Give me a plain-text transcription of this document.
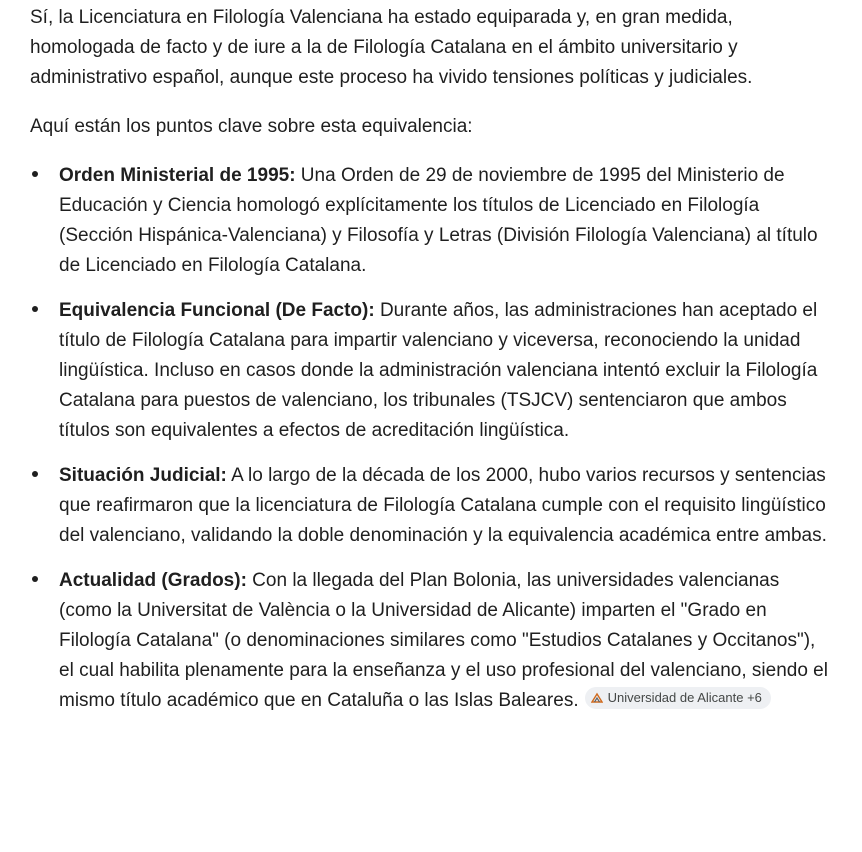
Sí, la Licenciatura en Filología Valenciana ha estado equiparada y, en gran medida, homologada de facto y de iure a la de Filología Catalana en el ámbito universitario y administrativo español, aunque este proceso ha vivido tensiones políticas y judiciales.

Aquí están los puntos clave sobre esta equivalencia:

Orden Ministerial de 1995: Una Orden de 29 de noviembre de 1995 del Ministerio de Educación y Ciencia homologó explícitamente los títulos de Licenciado en Filología (Sección Hispánica-Valenciana) y Filosofía y Letras (División Filología Valenciana) al título de Licenciado en Filología Catalana.
Equivalencia Funcional (De Facto): Durante años, las administraciones han aceptado el título de Filología Catalana para impartir valenciano y viceversa, reconociendo la unidad lingüística. Incluso en casos donde la administración valenciana intentó excluir la Filología Catalana para puestos de valenciano, los tribunales (TSJCV) sentenciaron que ambos títulos son equivalentes a efectos de acreditación lingüística.
Situación Judicial: A lo largo de la década de los 2000, hubo varios recursos y sentencias que reafirmaron que la licenciatura de Filología Catalana cumple con el requisito lingüístico del valenciano, validando la doble denominación y la equivalencia académica entre ambas.
Actualidad (Grados): Con la llegada del Plan Bolonia, las universidades valencianas (como la Universitat de València o la Universidad de Alicante) imparten el "Grado en Filología Catalana" (o denominaciones similares como "Estudios Catalanes y Occitanos"), el cual habilita plenamente para la enseñanza y el uso profesional del valenciano, siendo el mismo título académico que en Cataluña o las Islas Baleares. Universidad de Alicante +6
